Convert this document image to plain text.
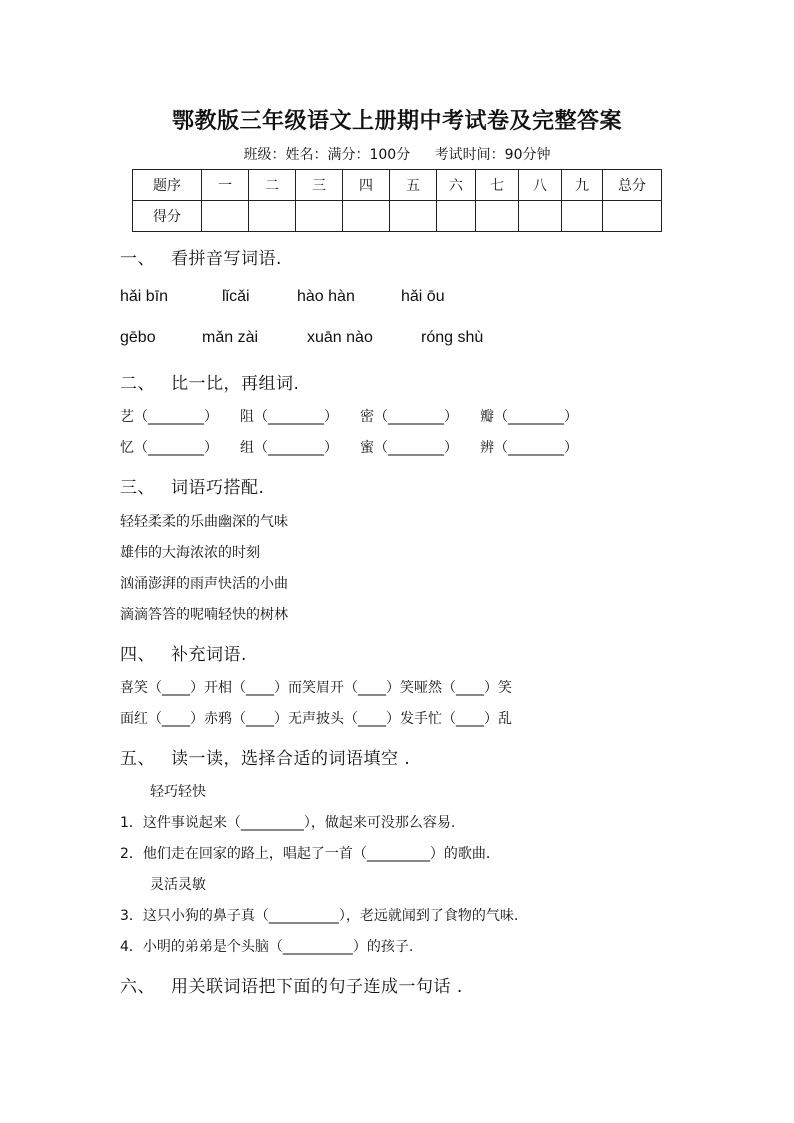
鄂教版三年级语文上册期中考试卷及完整答案
班级：姓名：满分：100分 考试时间：90分钟
题序	一	二	三	四	五	六	七	八	九	总分
得分										
一、 看拼音写词语.
hǎi bīn	lǐcǎi	hào hàn	hǎi ōu
gēbo	mǎn zài	xuān nào	róng shù
二、 比一比，再组词.
艺（________） 阻（________） 密（________） 瓣（________）
忆（________） 组（________） 蜜（________） 辨（________）
三、 词语巧搭配.
轻轻柔柔的乐曲幽深的气味
雄伟的大海浓浓的时刻
汹涌澎湃的雨声快活的小曲
滴滴答答的呢喃轻快的树林
四、 补充词语.
喜笑（____）开相（____）而笑眉开（____）笑哑然（____）笑
面红（____）赤鸦（____）无声披头（____）发手忙（____）乱
五、 读一读，选择合适的词语填空 .
轻巧轻快
1．这件事说起来（_________），做起来可没那么容易.
2．他们走在回家的路上，唱起了一首（_________）的歌曲.
灵活灵敏
3．这只小狗的鼻子真（__________），老远就闻到了食物的气味.
4．小明的弟弟是个头脑（__________）的孩子.
六、 用关联词语把下面的句子连成一句话 .
